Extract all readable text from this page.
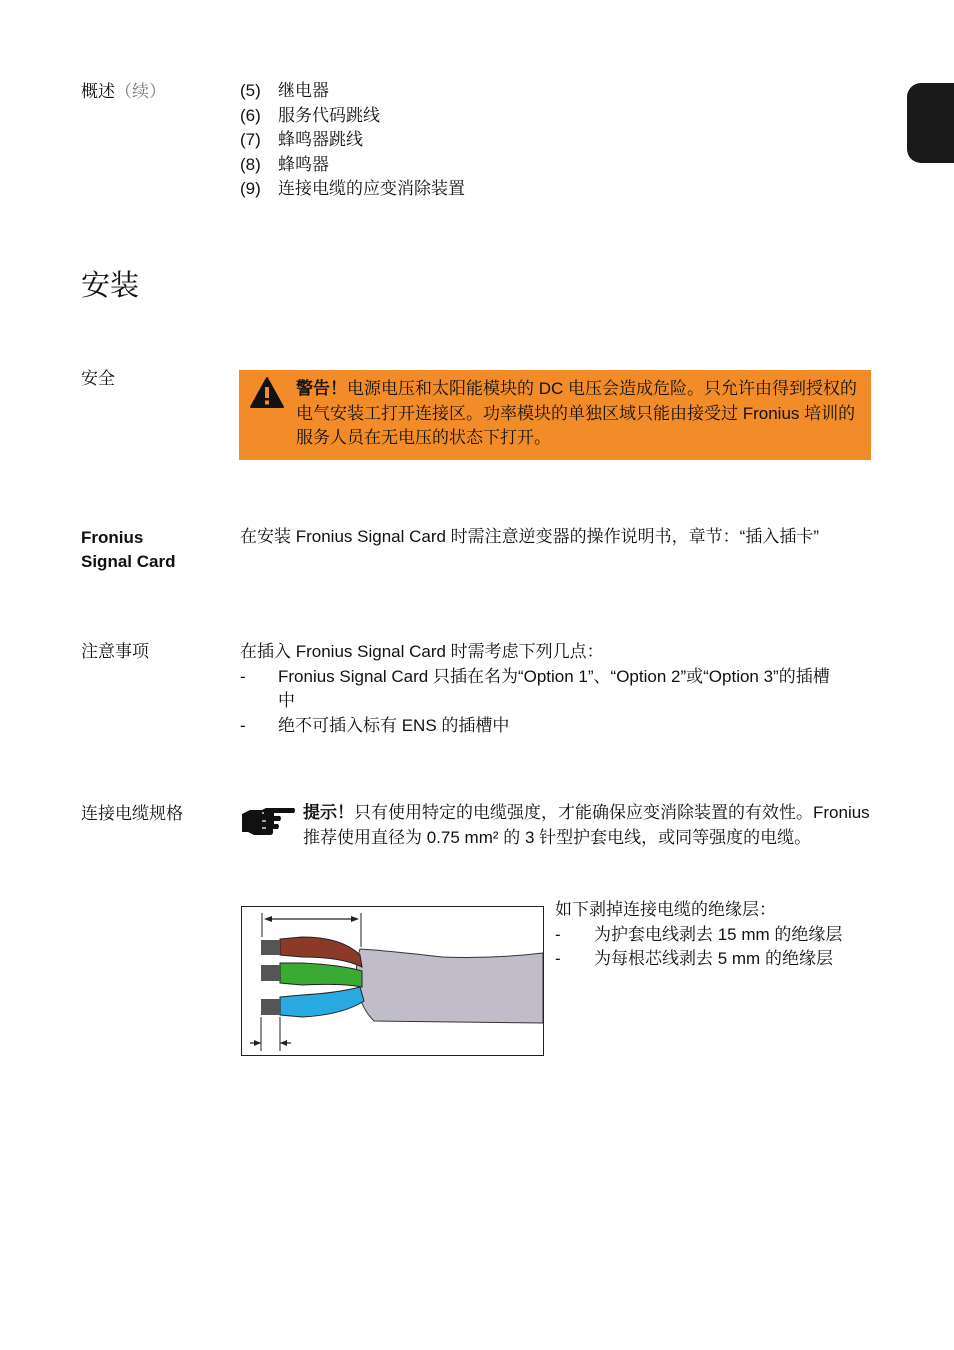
概述（续）	(5) 继电器
(6) 服务代码跳线
(7) 蜂鸣器跳线
(8) 蜂鸣器
(9) 连接电缆的应变消除装置
安装
安全
警告！电源电压和太阳能模块的 DC 电压会造成危险。只允许由得到授权的电气安装工打开连接区。功率模块的单独区域只能由接受过 Fronius 培训的服务人员在无电压的状态下打开。
Fronius
Signal Card
在安装 Fronius Signal Card 时需注意逆变器的操作说明书，章节：“插入插卡”
注意事项	在插入 Fronius Signal Card 时需考虑下列几点：
- Fronius Signal Card 只插在名为“Option 1”、“Option 2”或“Option 3”的插槽中
- 绝不可插入标有 ENS 的插槽中
连接电缆规格	提示！只有使用特定的电缆强度，才能确保应变消除装置的有效性。Fronius 推荐使用直径为 0.75 mm² 的 3 针型护套电线，或同等强度的电缆。
如下剥掉连接电缆的绝缘层：
- 为护套电线剥去 15 mm 的绝缘层
- 为每根芯线剥去 5 mm 的绝缘层
